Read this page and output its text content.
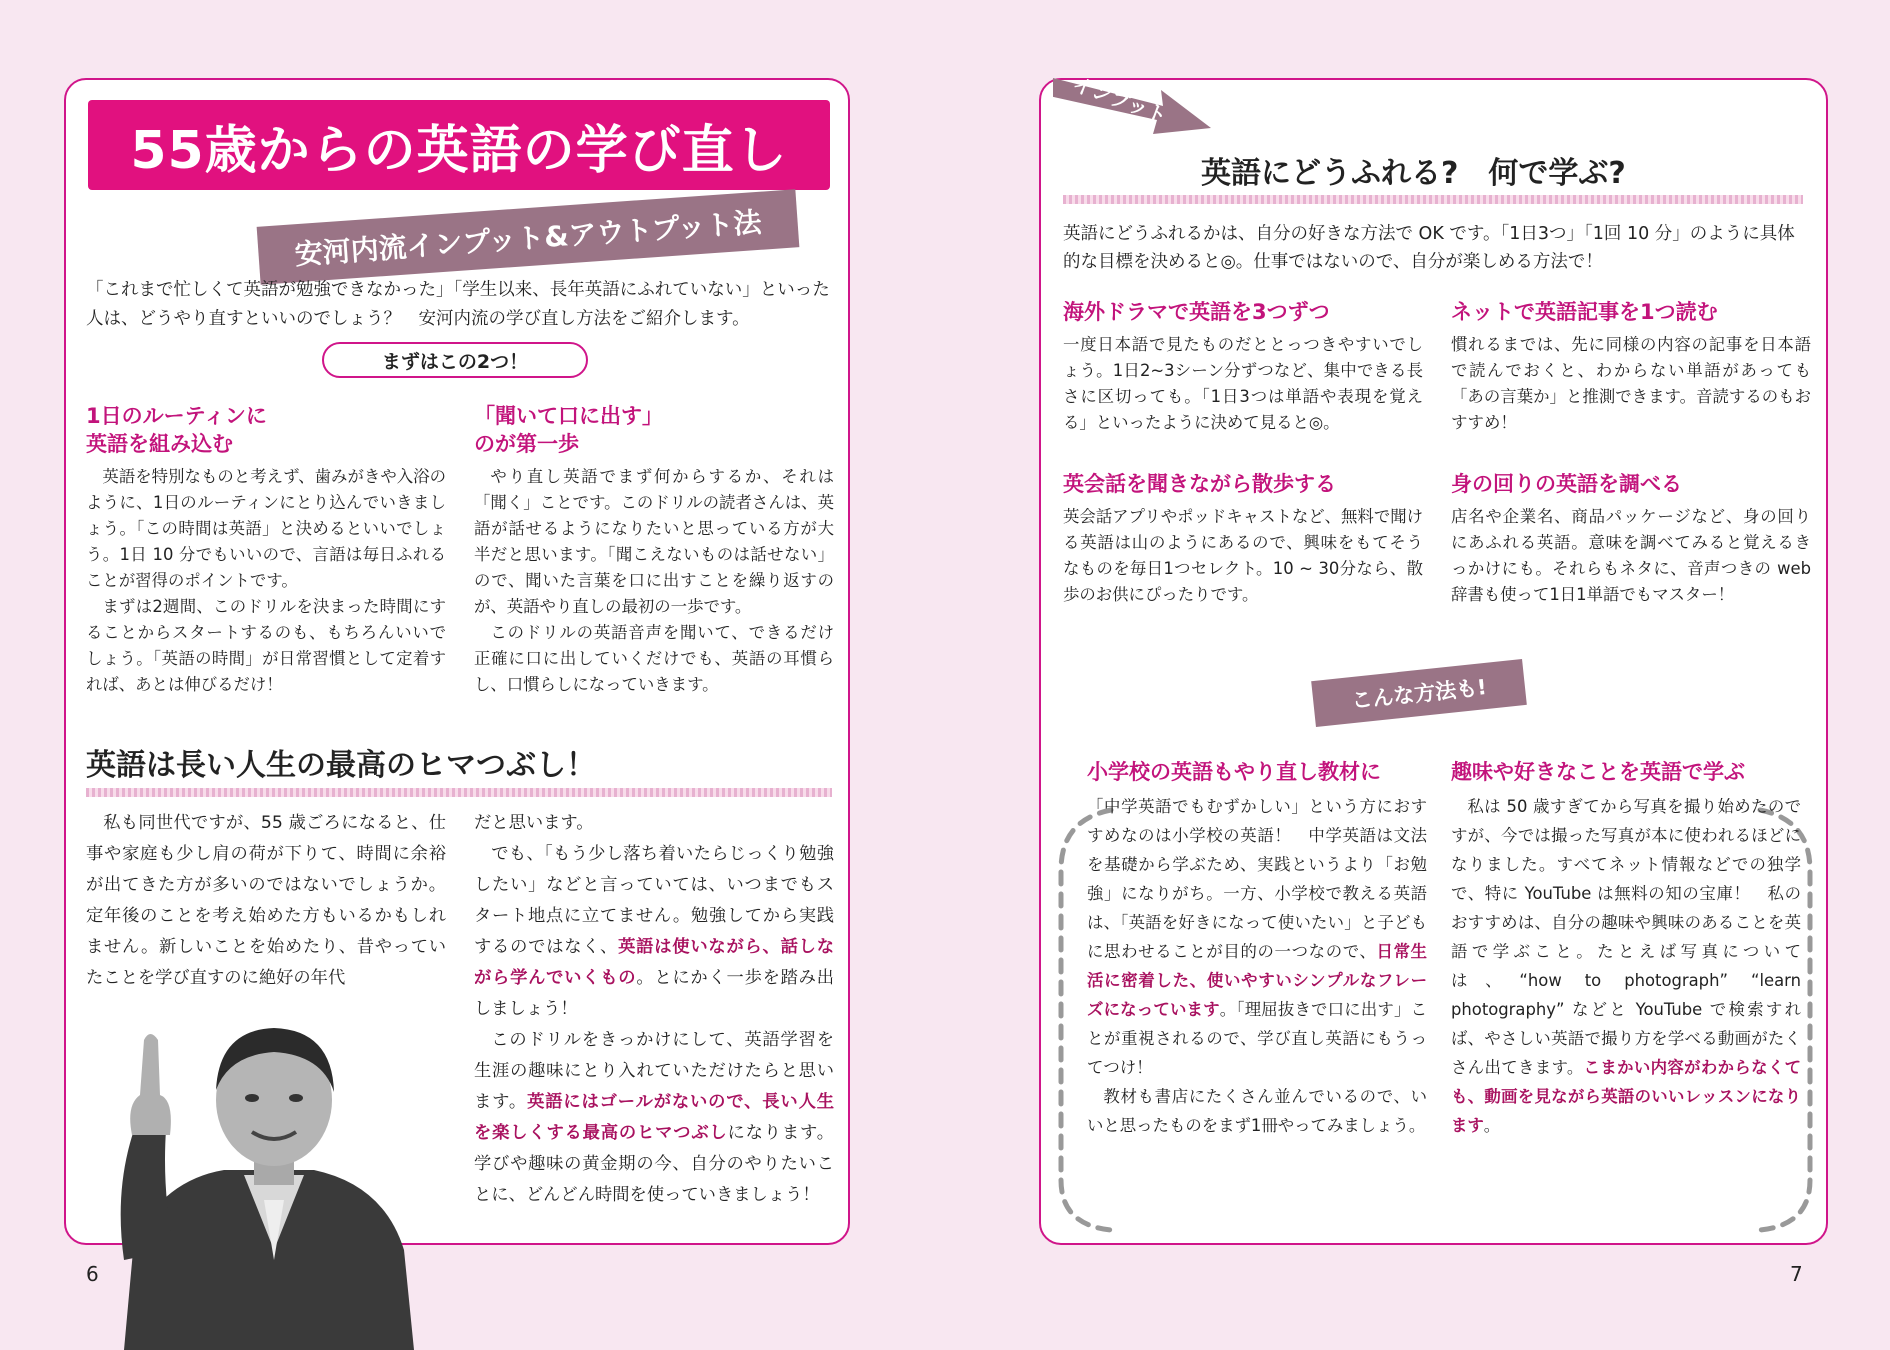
55歳からの英語の学び直し
安河内流インプット&アウトプット法

「これまで忙しくて英語が勉強できなかった」「学生以来、長年英語にふれていない」といった人は、どうやり直すといいのでしょう？　安河内流の学び直し方法をご紹介します。

まずはこの2つ！

1日のルーティンに

英語を組み込む

英語を特別なものと考えず、歯みがきや入浴のように、1日のルーティンにとり込んでいきましょう。「この時間は英語」と決めるといいでしょう。1日 10 分でもいいので、言語は毎日ふれることが習得のポイントです。

まずは2週間、このドリルを決まった時間にすることからスタートするのも、もちろんいいでしょう。「英語の時間」が日常習慣として定着すれば、あとは伸びるだけ！

「聞いて口に出す」

のが第一歩

やり直し英語でまず何からするか、それは「聞く」ことです。このドリルの読者さんは、英語が話せるようになりたいと思っている方が大半だと思います。「聞こえないものは話せない」ので、聞いた言葉を口に出すことを繰り返すのが、英語やり直しの最初の一歩です。

このドリルの英語音声を聞いて、できるだけ正確に口に出していくだけでも、英語の耳慣らし、口慣らしになっていきます。

英語は長い人生の最高のヒマつぶし！

私も同世代ですが、55 歳ごろになると、仕事や家庭も少し肩の荷が下りて、時間に余裕が出てきた方が多いのではないでしょうか。定年後のことを考え始めた方もいるかもしれません。新しいことを始めたり、昔やっていたことを学び直すのに絶好の年代

だと思います。

でも、「もう少し落ち着いたらじっくり勉強したい」などと言っていては、いつまでもスタート地点に立てません。勉強してから実践するのではなく、英語は使いながら、話しながら学んでいくもの。とにかく一歩を踏み出しましょう！

このドリルをきっかけにして、英語学習を生涯の趣味にとり入れていただけたらと思います。英語にはゴールがないので、長い人生を楽しくする最高のヒマつぶしになります。学びや趣味の黄金期の今、自分のやりたいことに、どんどん時間を使っていきましょう！

6
インプット
英語にどうふれる?　何で学ぶ?

英語にどうふれるかは、自分の好きな方法で OK です。「1日3つ」「1回 10 分」のように具体的な目標を決めると◎。仕事ではないので、自分が楽しめる方法で！

海外ドラマで英語を3つずつ

一度日本語で見たものだととっつきやすいでしょう。1日2~3シーン分ずつなど、集中できる長さに区切っても。「1日3つは単語や表現を覚える」といったように決めて見ると◎。

ネットで英語記事を1つ読む

慣れるまでは、先に同様の内容の記事を日本語で読んでおくと、わからない単語があっても「あの言葉か」と推測できます。音読するのもおすすめ！

英会話を聞きながら散歩する

英会話アプリやポッドキャストなど、無料で聞ける英語は山のようにあるので、興味をもてそうなものを毎日1つセレクト。10 ~ 30分なら、散歩のお供にぴったりです。

身の回りの英語を調べる

店名や企業名、商品パッケージなど、身の回りにあふれる英語。意味を調べてみると覚えるきっかけにも。それらもネタに、音声つきの web 辞書も使って1日1単語でもマスター！

こんな方法も!

小学校の英語もやり直し教材に

「中学英語でもむずかしい」という方におすすめなのは小学校の英語！　中学英語は文法を基礎から学ぶため、実践というより「お勉強」になりがち。一方、小学校で教える英語は、「英語を好きになって使いたい」と子どもに思わせることが目的の一つなので、日常生活に密着した、使いやすいシンプルなフレーズになっています。「理屈抜きで口に出す」ことが重視されるので、学び直し英語にもうってつけ！

教材も書店にたくさん並んでいるので、いいと思ったものをまず1冊やってみましょう。

趣味や好きなことを英語で学ぶ

私は 50 歳すぎてから写真を撮り始めたのですが、今では撮った写真が本に使われるほどになりました。すべてネット情報などでの独学で、特に YouTube は無料の知の宝庫！　私のおすすめは、自分の趣味や興味のあることを英語で学ぶこと。たとえば写真については、“how to photograph” “learn photography” などと YouTube で検索すれば、やさしい英語で撮り方を学べる動画がたくさん出てきます。こまかい内容がわからなくても、動画を見ながら英語のいいレッスンになります。

7
